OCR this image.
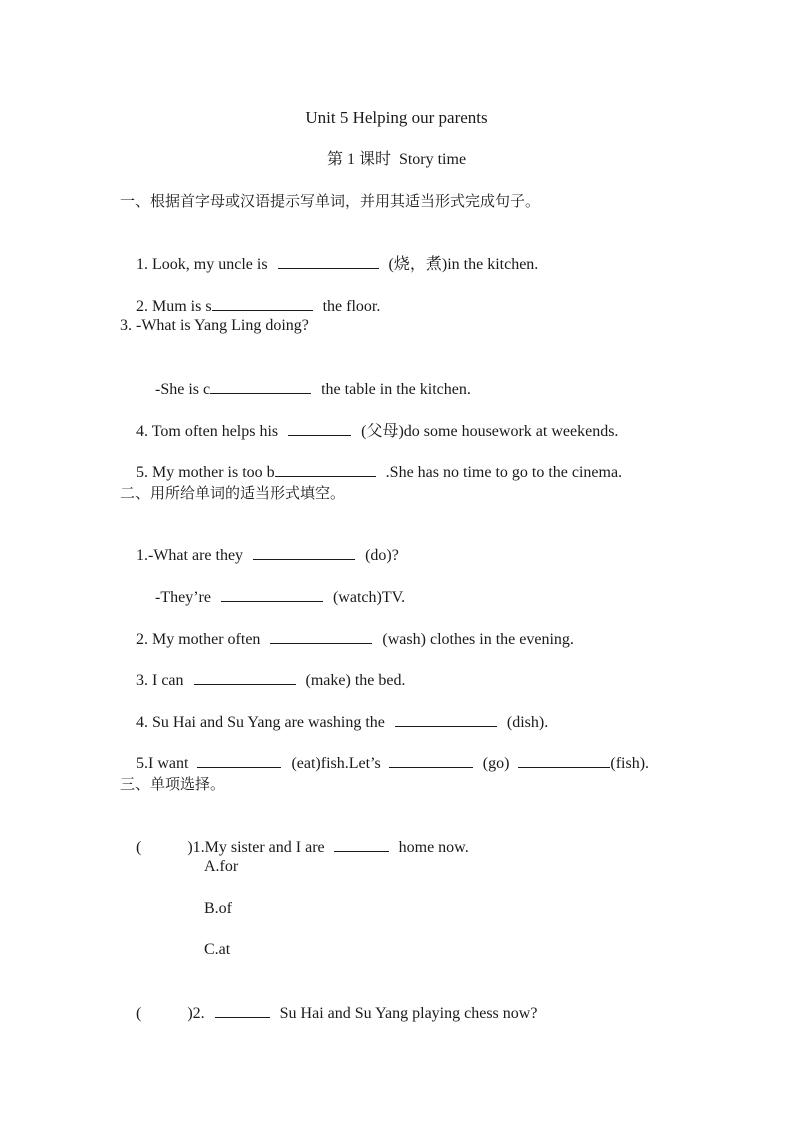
Unit 5 Helping our parents
第 1 课时  Story time
一、根据首字母或汉语提示写单词，并用其适当形式完成句子。

1. Look, my uncle is	(烧，煮)in the kitchen.

2. Mum is s	the floor.

3. -What is Yang Ling doing?

-She is c	the table in the kitchen.

4. Tom often helps his	(父母)do some housework at weekends.

5. My mother is too b	.She has no time to go to the cinema.

二、用所给单词的适当形式填空。

1.-What are they	(do)?

-They’re	(watch)TV.

2. My mother often	(wash) clothes in the evening.

3. I can	(make) the bed.

4. Su Hai and Su Yang are washing the	(dish).

5.I want	(eat)fish.Let’s	(go)	(fish).

三、单项选择。

(	)1.My sister and I are	home now.

A.for
B.of
C.at

(	)2.	Su Hai and Su Yang playing chess now?
